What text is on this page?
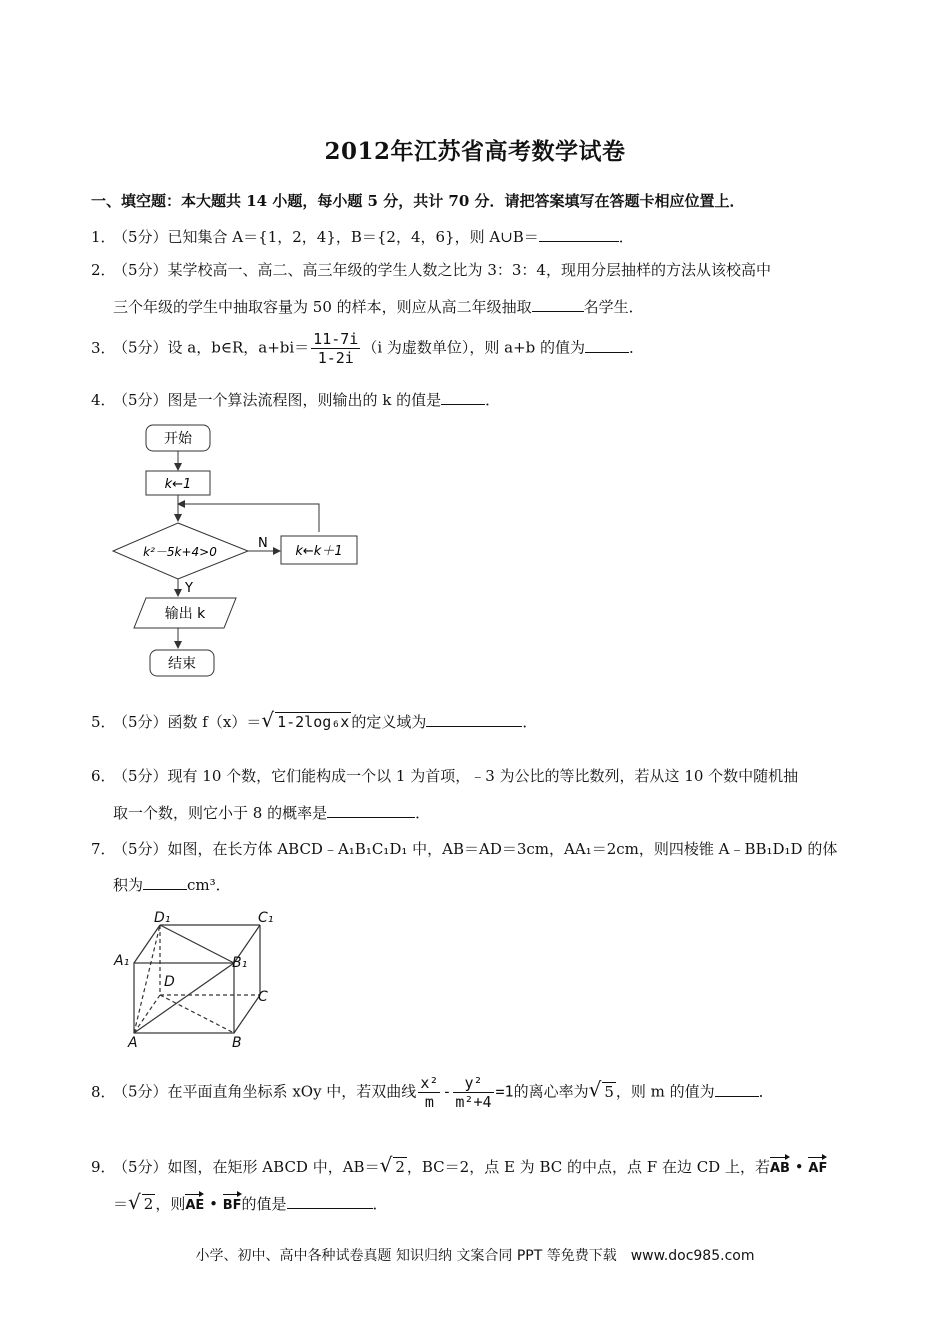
2012年江苏省高考数学试卷
一、填空题：本大题共 14 小题，每小题 5 分，共计 70 分．请把答案填写在答题卡相应位置上．
1．（5分）已知集合 A＝{1，2，4}，B＝{2，4，6}，则 A∪B＝	．
2．（5分）某学校高一、高二、高三年级的学生人数之比为 3：3：4，现用分层抽样的方法从该校高中
三个年级的学生中抽取容量为 50 的样本，则应从高二年级抽取	名学生．
3．（5分）设 a，b∈R，$a+bi= \frac{11-7i}{1-2i} (i$ 为虚数单位），则 a+b 的值为	．
4．（5分）图是一个算法流程图，则输出的 k 的值是	．
开始
k←1
k²－5k+4>0
N
k←k＋1
Y
输出 k
结束
5．（5分）函数 f（x）＝√ 1-2log₆x 的定义域为	．
6．（5分）现有 10 个数，它们能构成一个以 1 为首项，﹣3 为公比的等比数列，若从这 10 个数中随机抽
取一个数，则它小于 8 的概率是	．
7．（5分）如图，在长方体 ABCD﹣A₁B₁C₁D₁ 中，AB＝AD＝3cm，AA₁＝2cm，则四棱锥 A﹣BB₁D₁D 的体
积为	cm³．
A	B
C
D
A₁	B₁
C₁
D₁
8．（5分）在平面直角坐标系 xOy 中，若双曲线 $\frac{\text{x²}}{m} - \frac{\text{y²}}{\text{m²+4}} =1$的离心率为√ 5 ，则 m 的值为	．
9．（5分）如图，在矩形 ABCD 中，AB＝√ 2 ，BC＝2，点 E 为 BC 的中点，点 F 在边 CD 上，若AB • AF
＝√ 2 ，则AE • BF的值是	．
小学、初中、高中各种试卷真题 知识归纳 文案合同 PPT 等免费下载　www.doc985.com
